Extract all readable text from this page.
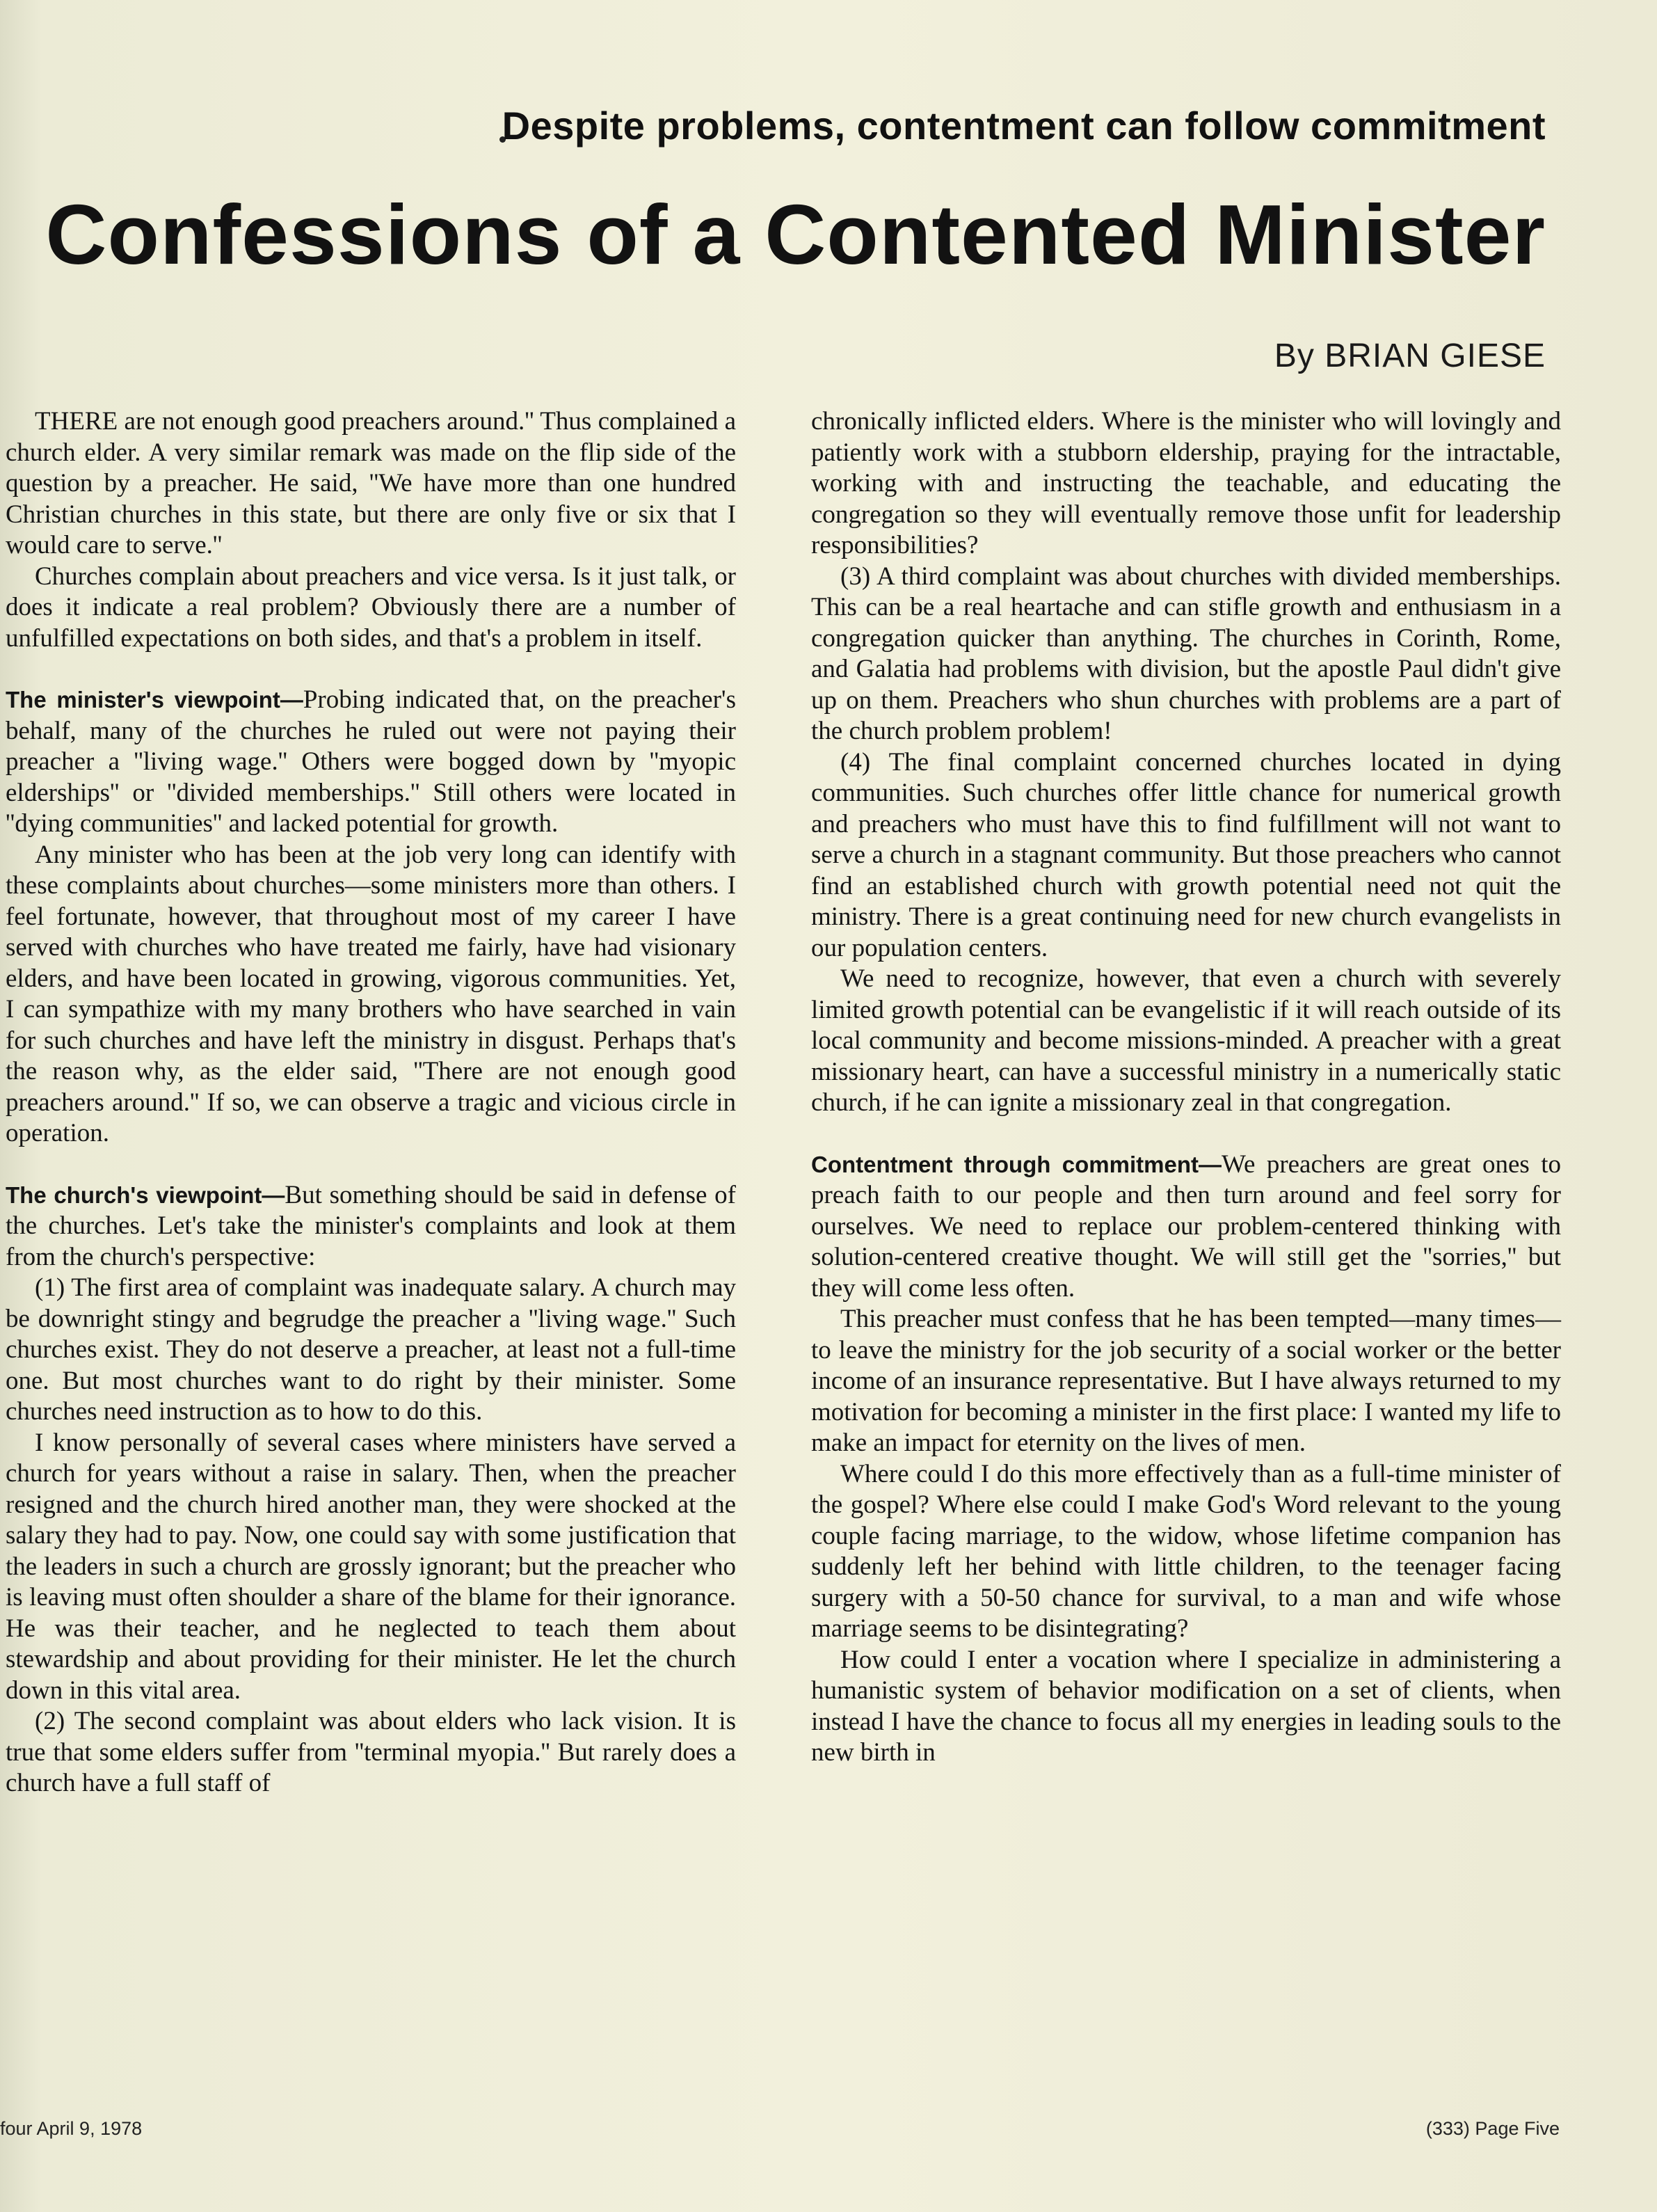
Despite problems, contentment can follow commitment
Confessions of a Contented Minister
By BRIAN GIESE

THERE are not enough good preachers around.'' Thus complained a church elder. A very similar remark was made on the flip side of the question by a preacher. He said, ''We have more than one hundred Christian churches in this state, but there are only five or six that I would care to serve.''

Churches complain about preachers and vice versa. Is it just talk, or does it indicate a real problem? Obviously there are a number of unfulfilled expectations on both sides, and that's a problem in itself.

The minister's viewpoint—Probing indicated that, on the preacher's behalf, many of the churches he ruled out were not paying their preacher a ''living wage.'' Others were bogged down by ''myopic elderships'' or ''divided memberships.'' Still others were located in ''dying communities'' and lacked potential for growth.

Any minister who has been at the job very long can identify with these complaints about churches—some ministers more than others. I feel fortunate, however, that throughout most of my career I have served with churches who have treated me fairly, have had visionary elders, and have been located in growing, vigorous communities. Yet, I can sympathize with my many brothers who have searched in vain for such churches and have left the ministry in disgust. Perhaps that's the reason why, as the elder said, ''There are not enough good preachers around.'' If so, we can observe a tragic and vicious circle in operation.

The church's viewpoint—But something should be said in defense of the churches. Let's take the minister's complaints and look at them from the church's perspective:

(1) The first area of complaint was inadequate salary. A church may be downright stingy and begrudge the preacher a ''living wage.'' Such churches exist. They do not deserve a preacher, at least not a full-time one. But most churches want to do right by their minister. Some churches need instruction as to how to do this.

I know personally of several cases where ministers have served a church for years without a raise in salary. Then, when the preacher resigned and the church hired another man, they were shocked at the salary they had to pay. Now, one could say with some justification that the leaders in such a church are grossly ignorant; but the preacher who is leaving must often shoulder a share of the blame for their ignorance. He was their teacher, and he neglected to teach them about stewardship and about providing for their minister. He let the church down in this vital area.

(2) The second complaint was about elders who lack vision. It is true that some elders suffer from ''terminal myopia.'' But rarely does a church have a full staff of

chronically inflicted elders. Where is the minister who will lovingly and patiently work with a stubborn eldership, praying for the intractable, working with and instructing the teachable, and educating the congregation so they will eventually remove those unfit for leadership responsibilities?

(3) A third complaint was about churches with divided memberships. This can be a real heartache and can stifle growth and enthusiasm in a congregation quicker than anything. The churches in Corinth, Rome, and Galatia had problems with division, but the apostle Paul didn't give up on them. Preachers who shun churches with problems are a part of the church problem problem!

(4) The final complaint concerned churches located in dying communities. Such churches offer little chance for numerical growth and preachers who must have this to find fulfillment will not want to serve a church in a stagnant community. But those preachers who cannot find an established church with growth potential need not quit the ministry. There is a great continuing need for new church evangelists in our population centers.

We need to recognize, however, that even a church with severely limited growth potential can be evangelistic if it will reach outside of its local community and become missions-minded. A preacher with a great missionary heart, can have a successful ministry in a numerically static church, if he can ignite a missionary zeal in that congregation.

Contentment through commitment—We preachers are great ones to preach faith to our people and then turn around and feel sorry for ourselves. We need to replace our problem-centered thinking with solution-centered creative thought. We will still get the ''sorries,'' but they will come less often.

This preacher must confess that he has been tempted—many times—to leave the ministry for the job security of a social worker or the better income of an insurance representative. But I have always returned to my motivation for becoming a minister in the first place: I wanted my life to make an impact for eternity on the lives of men.

Where could I do this more effectively than as a full-time minister of the gospel? Where else could I make God's Word relevant to the young couple facing marriage, to the widow, whose lifetime companion has suddenly left her behind with little children, to the teenager facing surgery with a 50-50 chance for survival, to a man and wife whose marriage seems to be disintegrating?

How could I enter a vocation where I specialize in administering a humanistic system of behavior modification on a set of clients, when instead I have the chance to focus all my energies in leading souls to the new birth in

four April 9, 1978	(333) Page Five
